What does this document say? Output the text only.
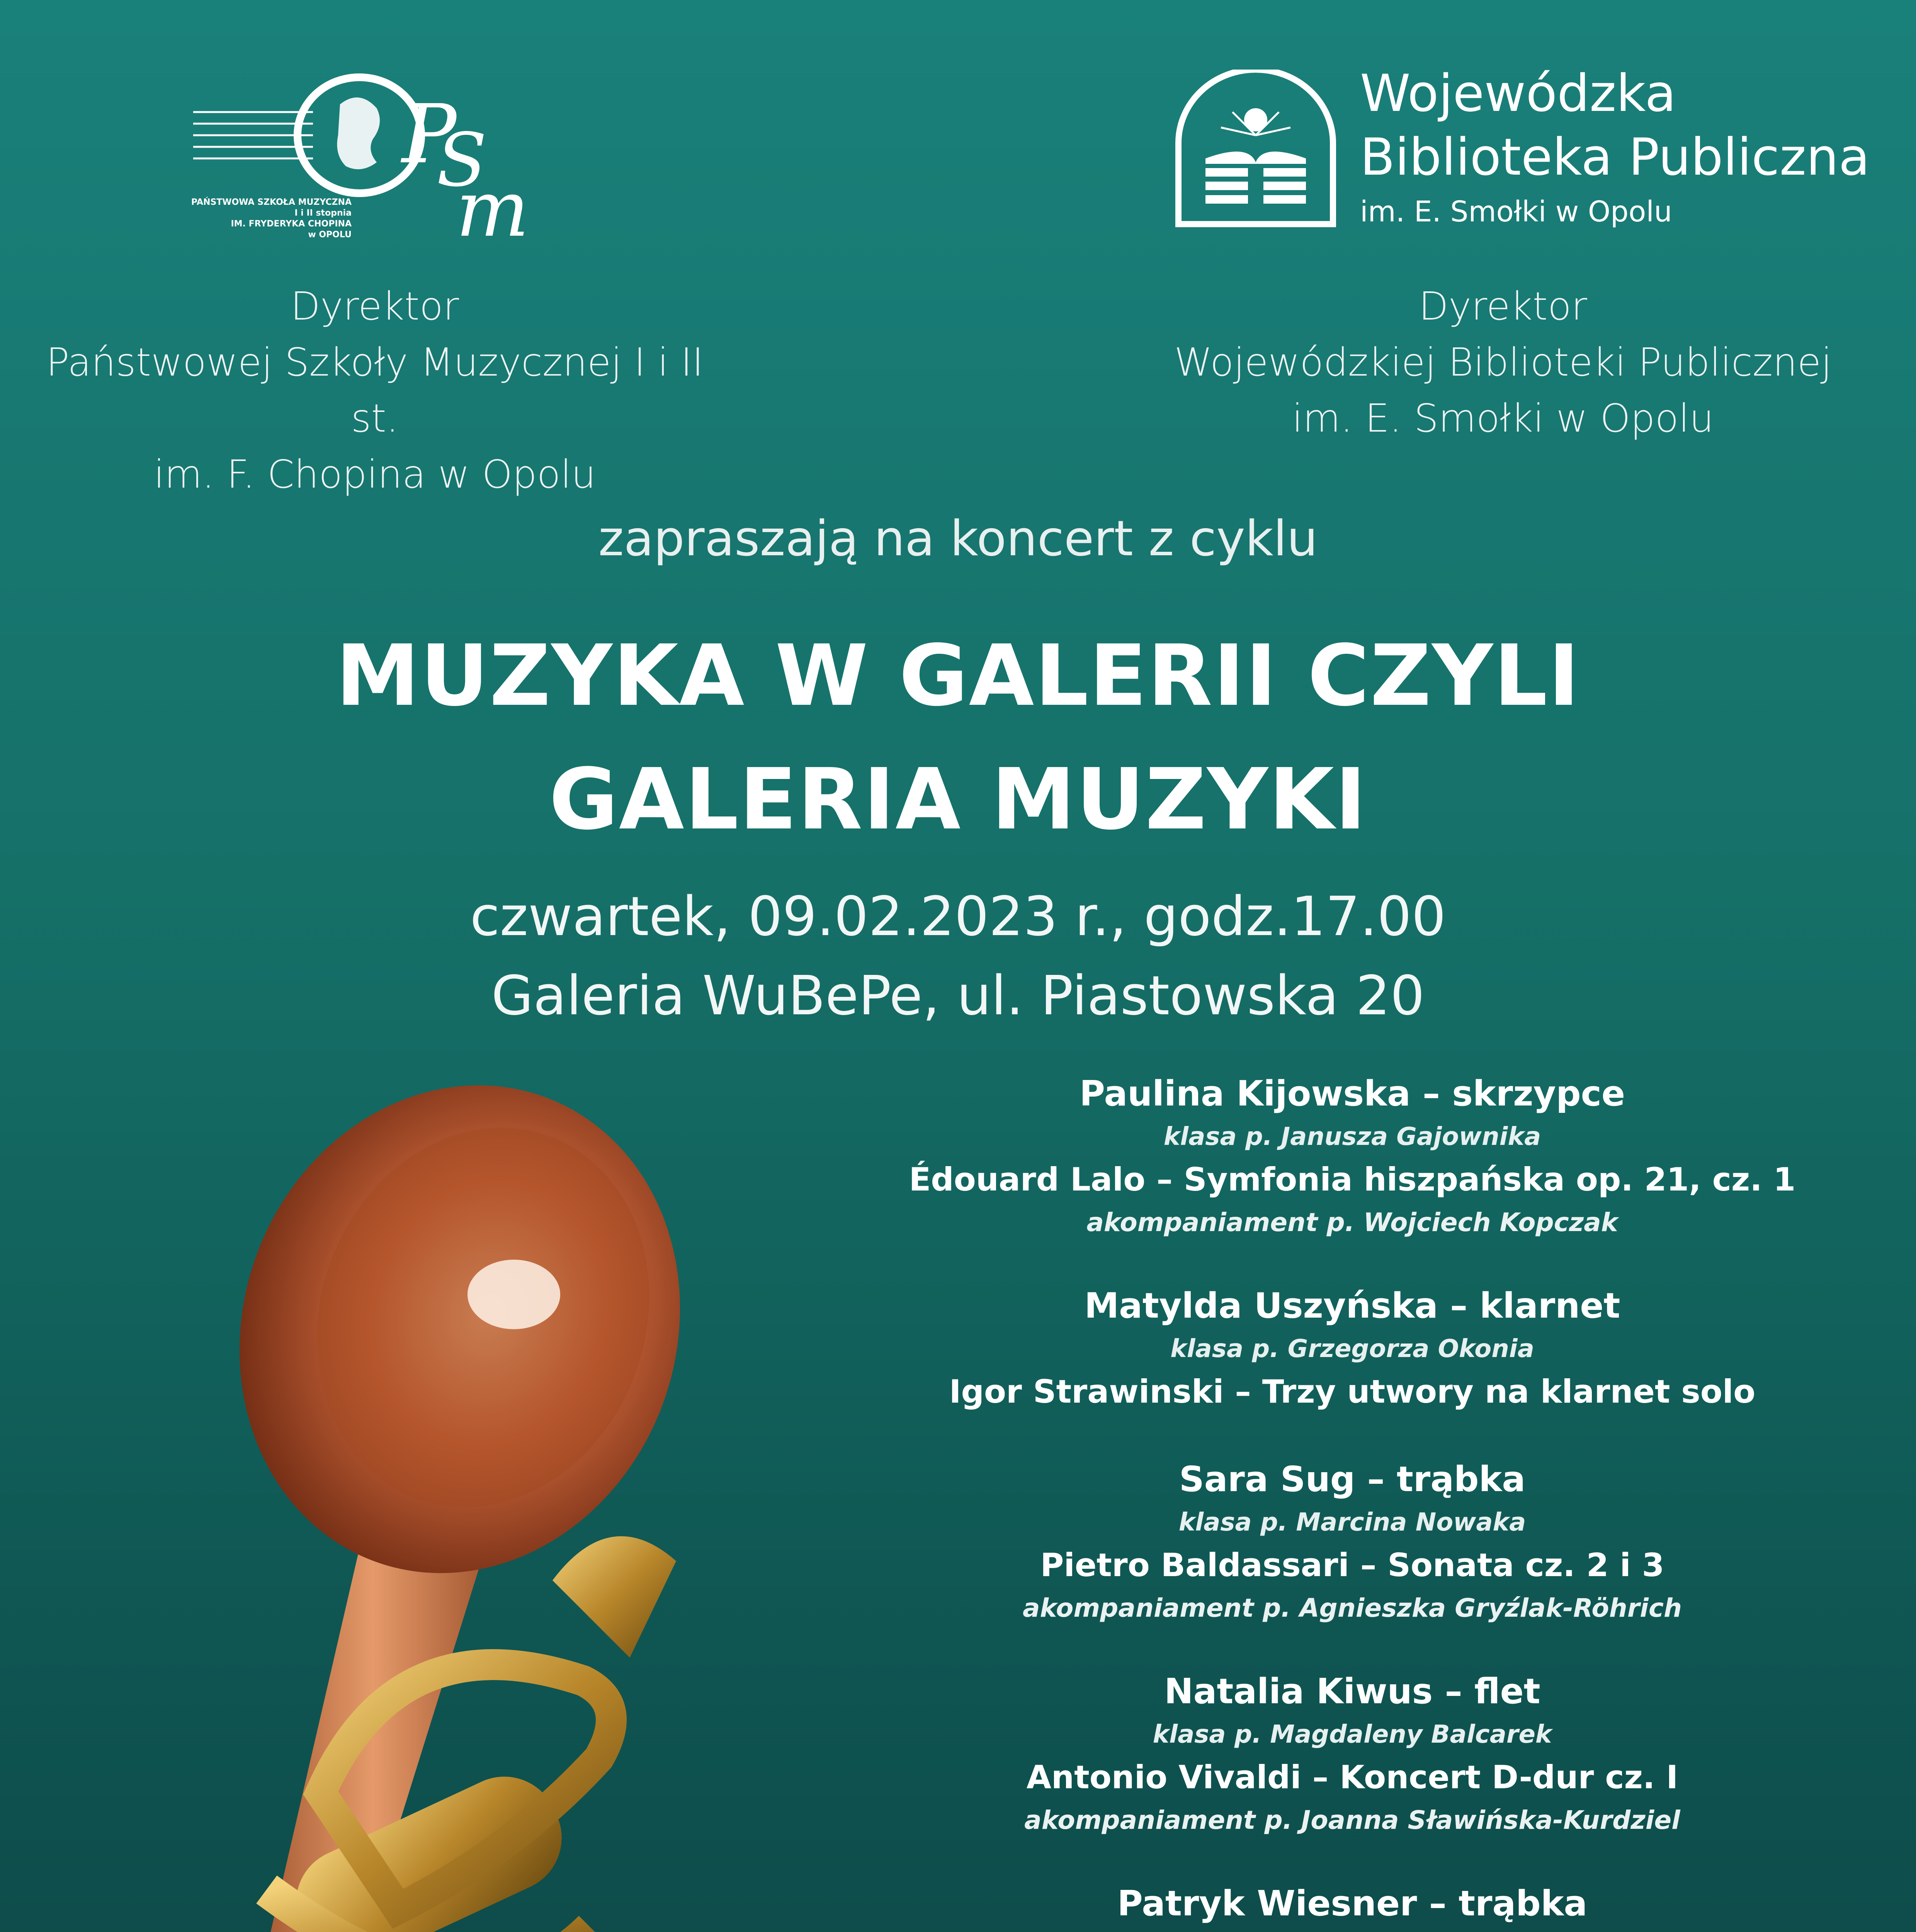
P
S
m
PAŃSTWOWA SZKOŁA MUZYCZNA
I i II stopnia
IM. FRYDERYKA CHOPINA
w OPOLU
Wojewódzka
Biblioteka Publiczna
im. E. Smołki w Opolu
Dyrektor
Państwowej Szkoły Muzycznej I i II st.
im. F. Chopina w Opolu
Dyrektor
Wojewódzkiej Biblioteki Publicznej
im. E. Smołki w Opolu
zapraszają na koncert z cyklu
MUZYKA W GALERII CZYLI
GALERIA MUZYKI
czwartek, 09.02.2023 r., godz.17.00
Galeria WuBePe, ul. Piastowska 20
Paulina Kijowska – skrzypce
klasa p. Janusza Gajownika
Édouard Lalo – Symfonia hiszpańska op. 21, cz. 1
akompaniament p. Wojciech Kopczak
Matylda Uszyńska – klarnet
klasa p. Grzegorza Okonia
Igor Strawinski – Trzy utwory na klarnet solo
Sara Sug – trąbka
klasa p. Marcina Nowaka
Pietro Baldassari – Sonata cz. 2 i 3
akompaniament p. Agnieszka Gryźlak-Röhrich
Natalia Kiwus – flet
klasa p. Magdaleny Balcarek
Antonio Vivaldi – Koncert D-dur cz. I
akompaniament p. Joanna Sławińska-Kurdziel
Patryk Wiesner – trąbka
